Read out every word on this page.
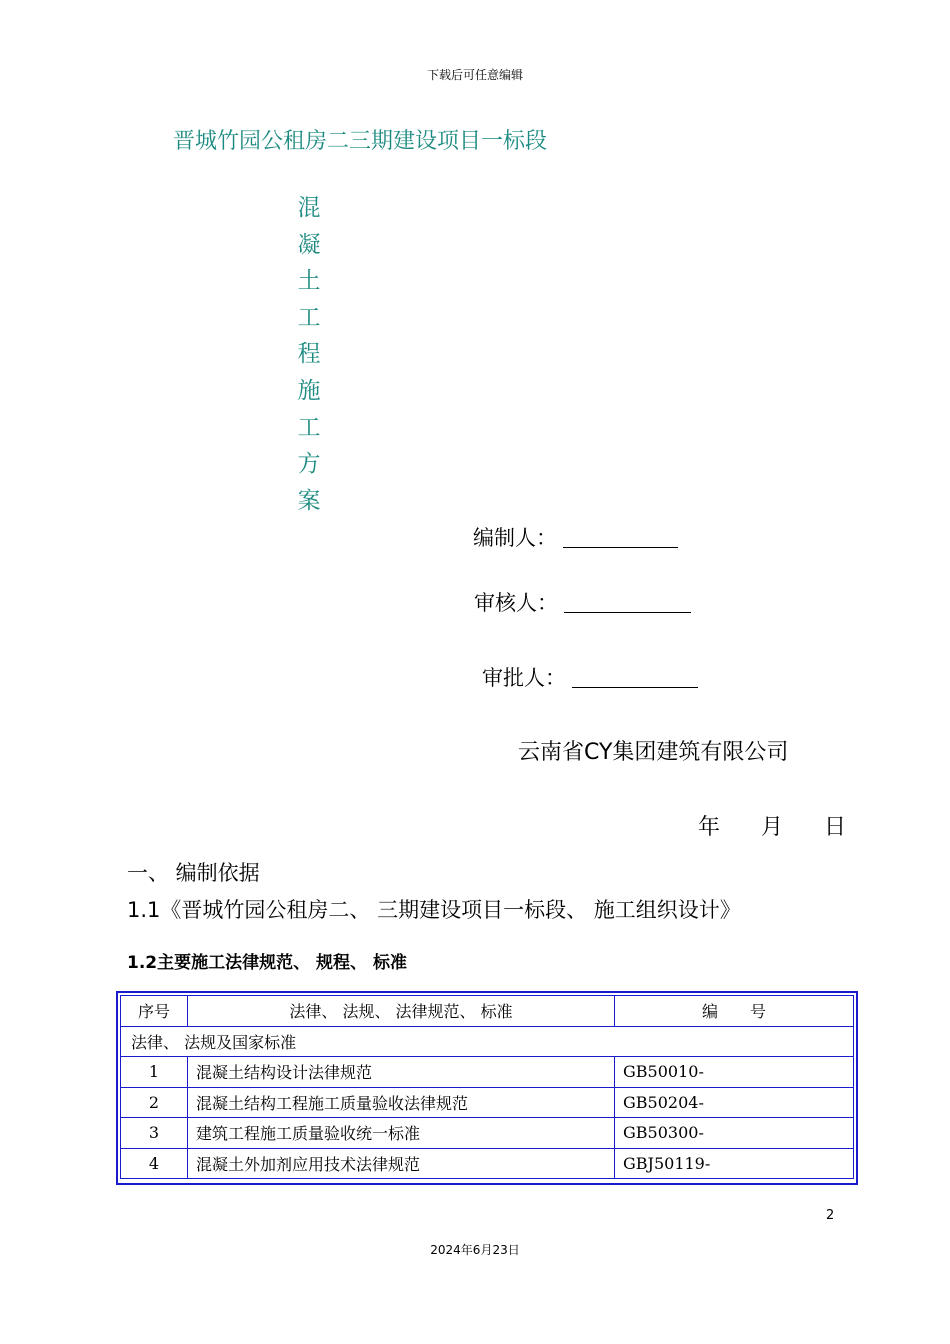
下载后可任意编辑
晋城竹园公租房二三期建设项目一标段
混
凝
土
工
程
施
工
方
案
编制人：
审核人：
审批人：
云南省CY集团建筑有限公司
年 月 日
一、 编制依据
1.1《晋城竹园公租房二、 三期建设项目一标段、 施工组织设计》
1.2主要施工法律规范、 规程、 标准
序号	法律、 法规、 法律规范、 标准	编　　号
法律、 法规及国家标准		
1	混凝土结构设计法律规范	GB50010-
2	混凝土结构工程施工质量验收法律规范	GB50204-
3	建筑工程施工质量验收统一标准	GB50300-
4	混凝土外加剂应用技术法律规范	GBJ50119-
2
2024年6月23日
